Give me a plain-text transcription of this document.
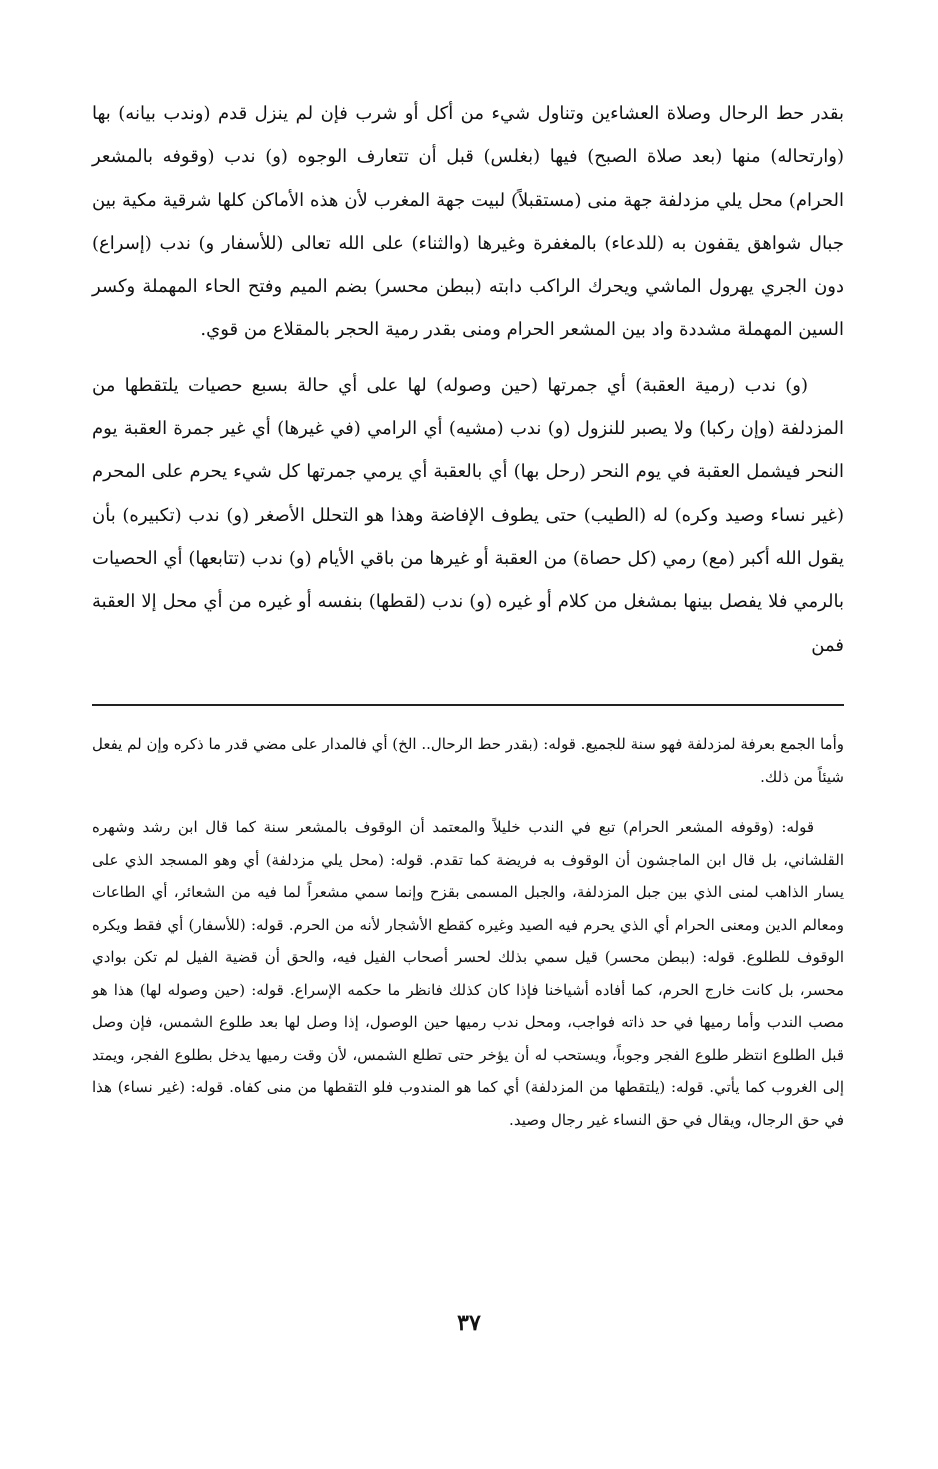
بقدر حط الرحال وصلاة العشاءين وتناول شيء من أكل أو شرب فإن لم ينزل قدم (وندب بيانه) بها (وارتحاله) منها (بعد صلاة الصبح) فيها (بغلس) قبل أن تتعارف الوجوه (و) ندب (وقوفه بالمشعر الحرام) محل يلي مزدلفة جهة منى (مستقبلاً) لبيت جهة المغرب لأن هذه الأماكن كلها شرقية مكية بين جبال شواهق يقفون به (للدعاء) بالمغفرة وغيرها (والثناء) على الله تعالى (للأسفار و) ندب (إسراع) دون الجري يهرول الماشي ويحرك الراكب دابته (ببطن محسر) بضم الميم وفتح الحاء المهملة وكسر السين المهملة مشددة واد بين المشعر الحرام ومنى بقدر رمية الحجر بالمقلاع من قوي.

(و) ندب (رمية العقبة) أي جمرتها (حين وصوله) لها على أي حالة بسبع حصيات يلتقطها من المزدلفة (وإن ركبا) ولا يصبر للنزول (و) ندب (مشيه) أي الرامي (في غيرها) أي غير جمرة العقبة يوم النحر فيشمل العقبة في يوم النحر (رحل بها) أي بالعقبة أي يرمي جمرتها كل شيء يحرم على المحرم (غير نساء وصيد وكره) له (الطيب) حتى يطوف الإفاضة وهذا هو التحلل الأصغر (و) ندب (تكبيره) بأن يقول الله أكبر (مع) رمي (كل حصاة) من العقبة أو غيرها من باقي الأيام (و) ندب (تتابعها) أي الحصيات بالرمي فلا يفصل بينها بمشغل من كلام أو غيره (و) ندب (لقطها) بنفسه أو غيره من أي محل إلا العقبة فمن

وأما الجمع بعرفة لمزدلفة فهو سنة للجميع. قوله: (بقدر حط الرحال.. الخ) أي فالمدار على مضي قدر ما ذكره وإن لم يفعل شيئاً من ذلك.

قوله: (وقوفه المشعر الحرام) تبع في الندب خليلاً والمعتمد أن الوقوف بالمشعر سنة كما قال ابن رشد وشهره القلشاني، بل قال ابن الماجشون أن الوقوف به فريضة كما تقدم. قوله: (محل يلي مزدلفة) أي وهو المسجد الذي على يسار الذاهب لمنى الذي بين جبل المزدلفة، والجبل المسمى بقزح وإنما سمي مشعراً لما فيه من الشعائر، أي الطاعات ومعالم الدين ومعنى الحرام أي الذي يحرم فيه الصيد وغيره كقطع الأشجار لأنه من الحرم. قوله: (للأسفار) أي فقط ويكره الوقوف للطلوع. قوله: (ببطن محسر) قيل سمي بذلك لحسر أصحاب الفيل فيه، والحق أن قضية الفيل لم تكن بوادي محسر، بل كانت خارج الحرم، كما أفاده أشياخنا فإذا كان كذلك فانظر ما حكمه الإسراع. قوله: (حين وصوله لها) هذا هو مصب الندب وأما رميها في حد ذاته فواجب، ومحل ندب رميها حين الوصول، إذا وصل لها بعد طلوع الشمس، فإن وصل قبل الطلوع انتظر طلوع الفجر وجوباً، ويستحب له أن يؤخر حتى تطلع الشمس، لأن وقت رميها يدخل بطلوع الفجر، ويمتد إلى الغروب كما يأتي. قوله: (يلتقطها من المزدلفة) أي كما هو المندوب فلو التقطها من منى كفاه. قوله: (غير نساء) هذا في حق الرجال، ويقال في حق النساء غير رجال وصيد.

٣٧
